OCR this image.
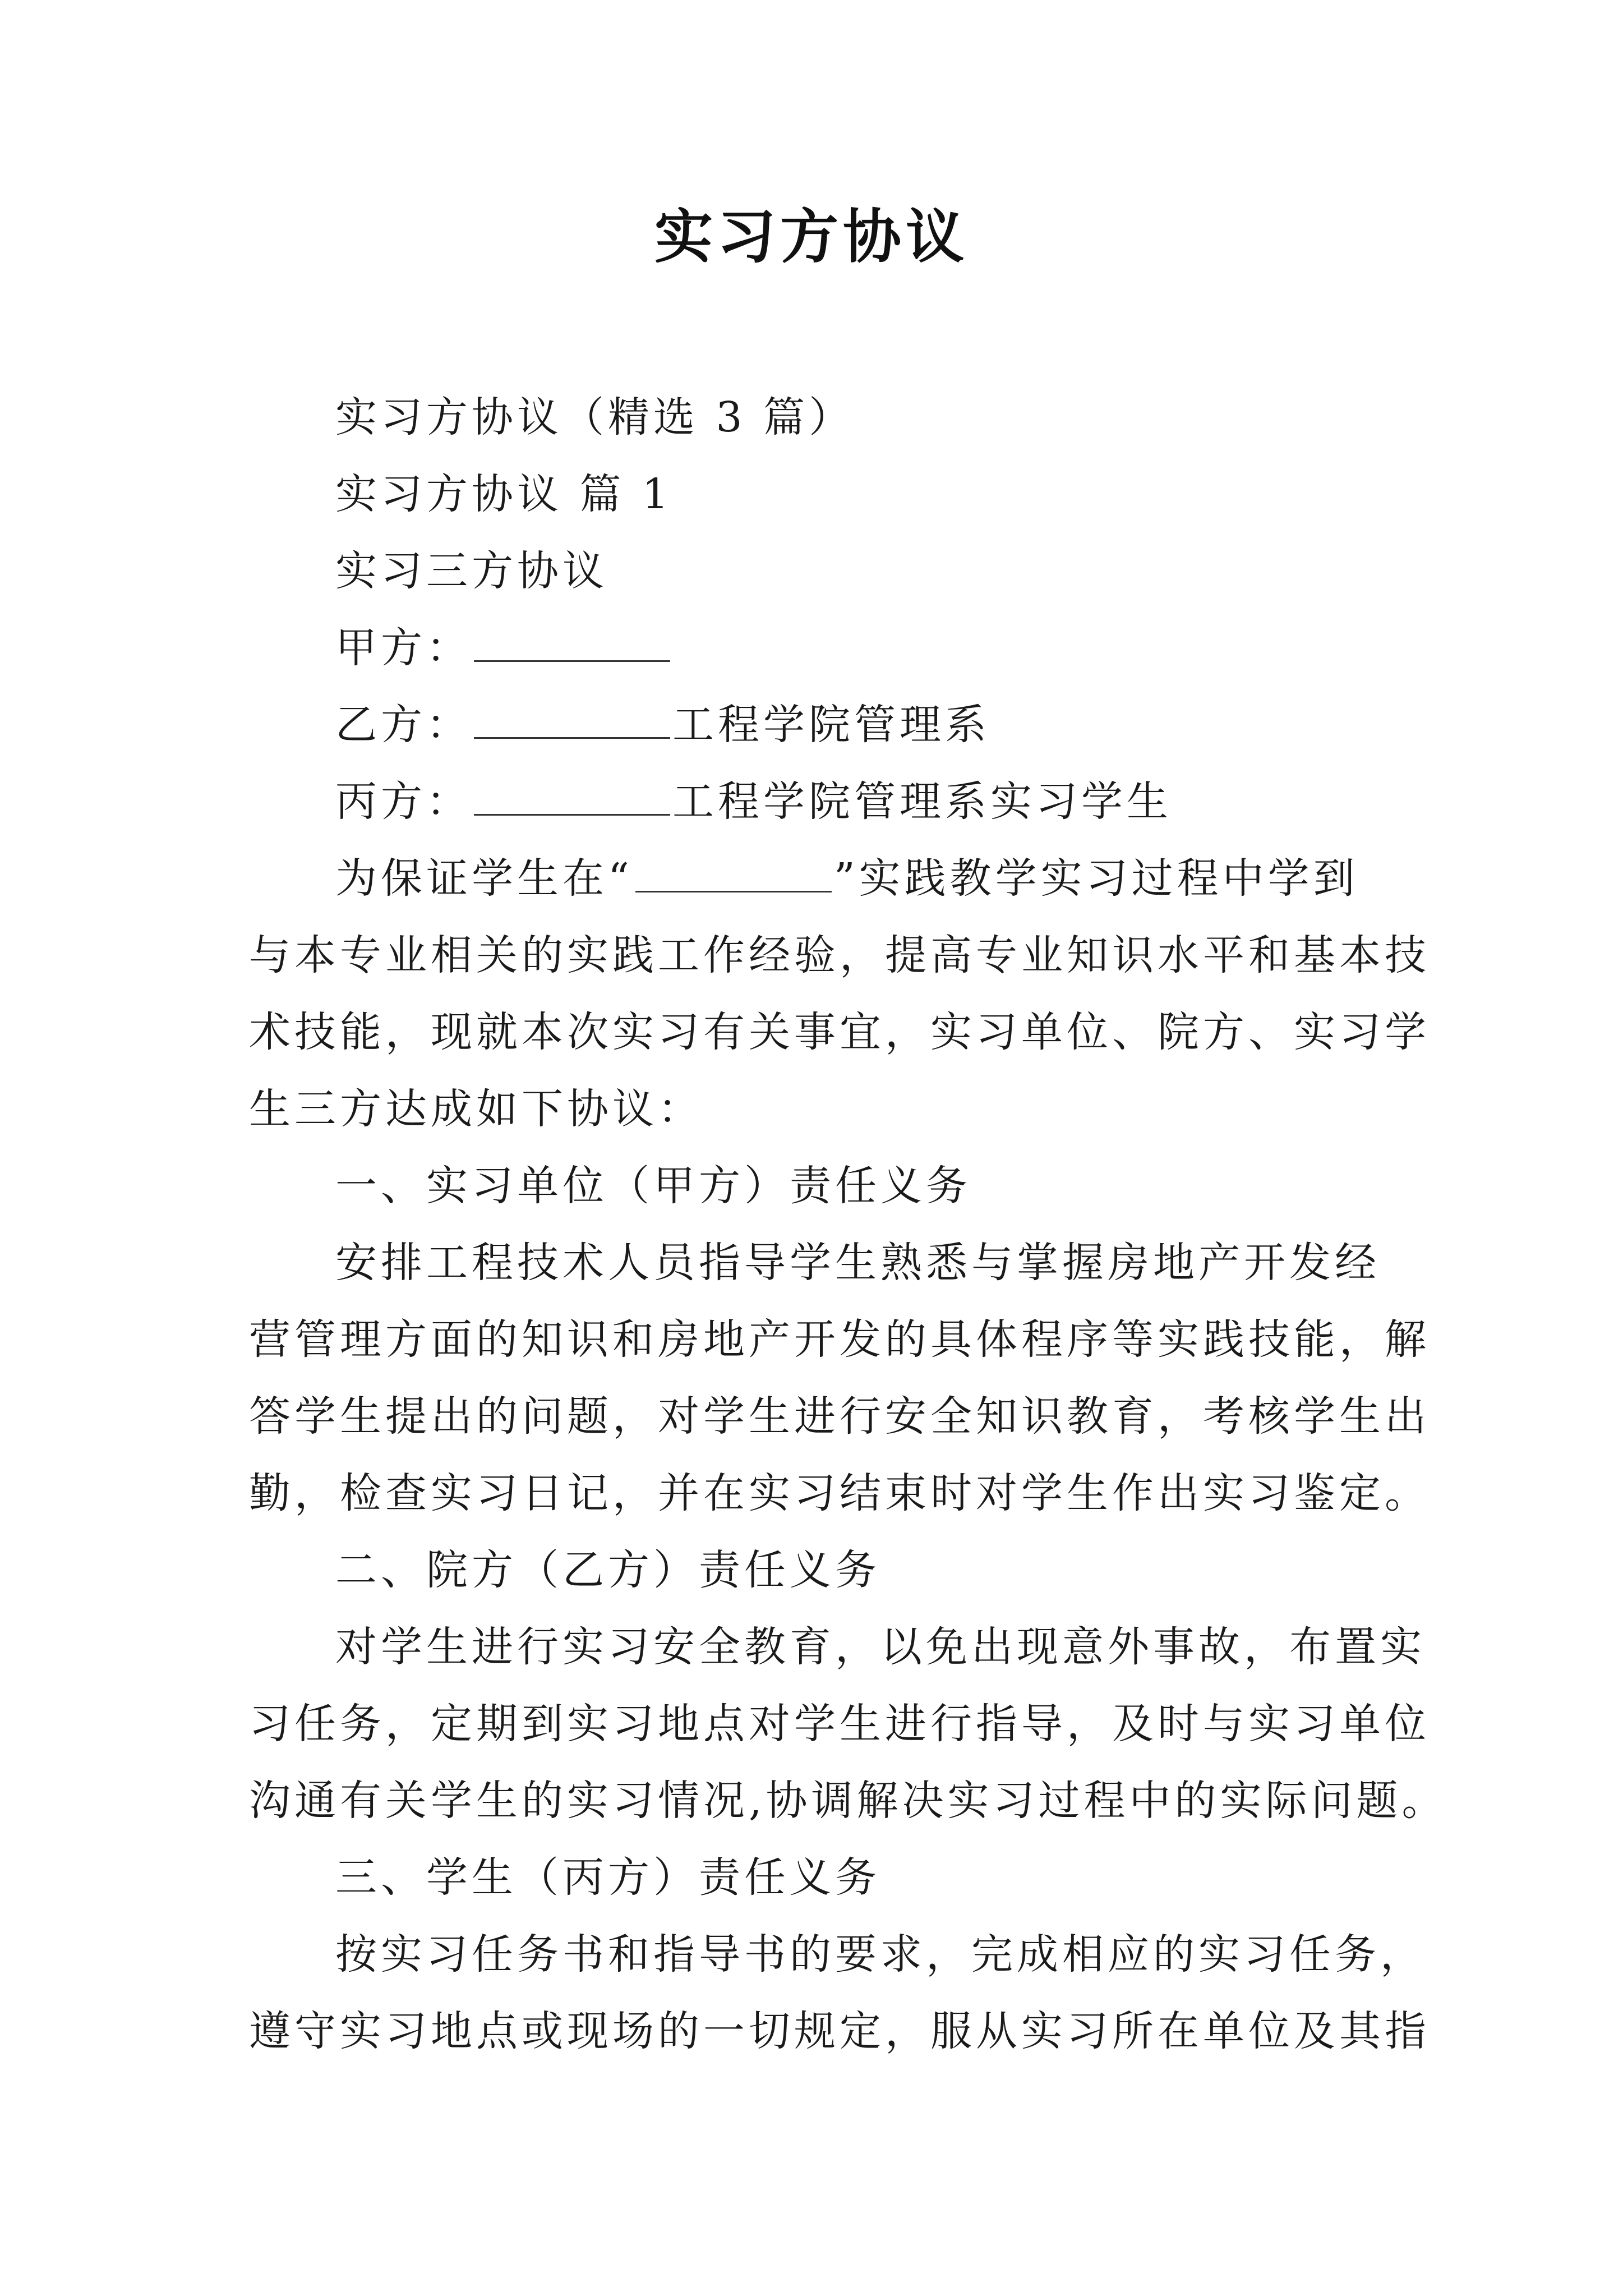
实习方协议
实习方协议（精选 3 篇）
实习方协议 篇 1
实习三方协议
甲方：
乙方：	工程学院管理系
丙方：	工程学院管理系实习学生
为保证学生在“	”实践教学实习过程中学到
与本专业相关的实践工作经验，提高专业知识水平和基本技
术技能，现就本次实习有关事宜，实习单位、院方、实习学
生三方达成如下协议：
一、实习单位（甲方）责任义务
安排工程技术人员指导学生熟悉与掌握房地产开发经
营管理方面的知识和房地产开发的具体程序等实践技能，解
答学生提出的问题，对学生进行安全知识教育，考核学生出
勤，检查实习日记，并在实习结束时对学生作出实习鉴定。
二、院方（乙方）责任义务
对学生进行实习安全教育，以免出现意外事故，布置实
习任务，定期到实习地点对学生进行指导，及时与实习单位
沟通有关学生的实习情况,协调解决实习过程中的实际问题。
三、学生（丙方）责任义务
按实习任务书和指导书的要求，完成相应的实习任务，
遵守实习地点或现场的一切规定，服从实习所在单位及其指
